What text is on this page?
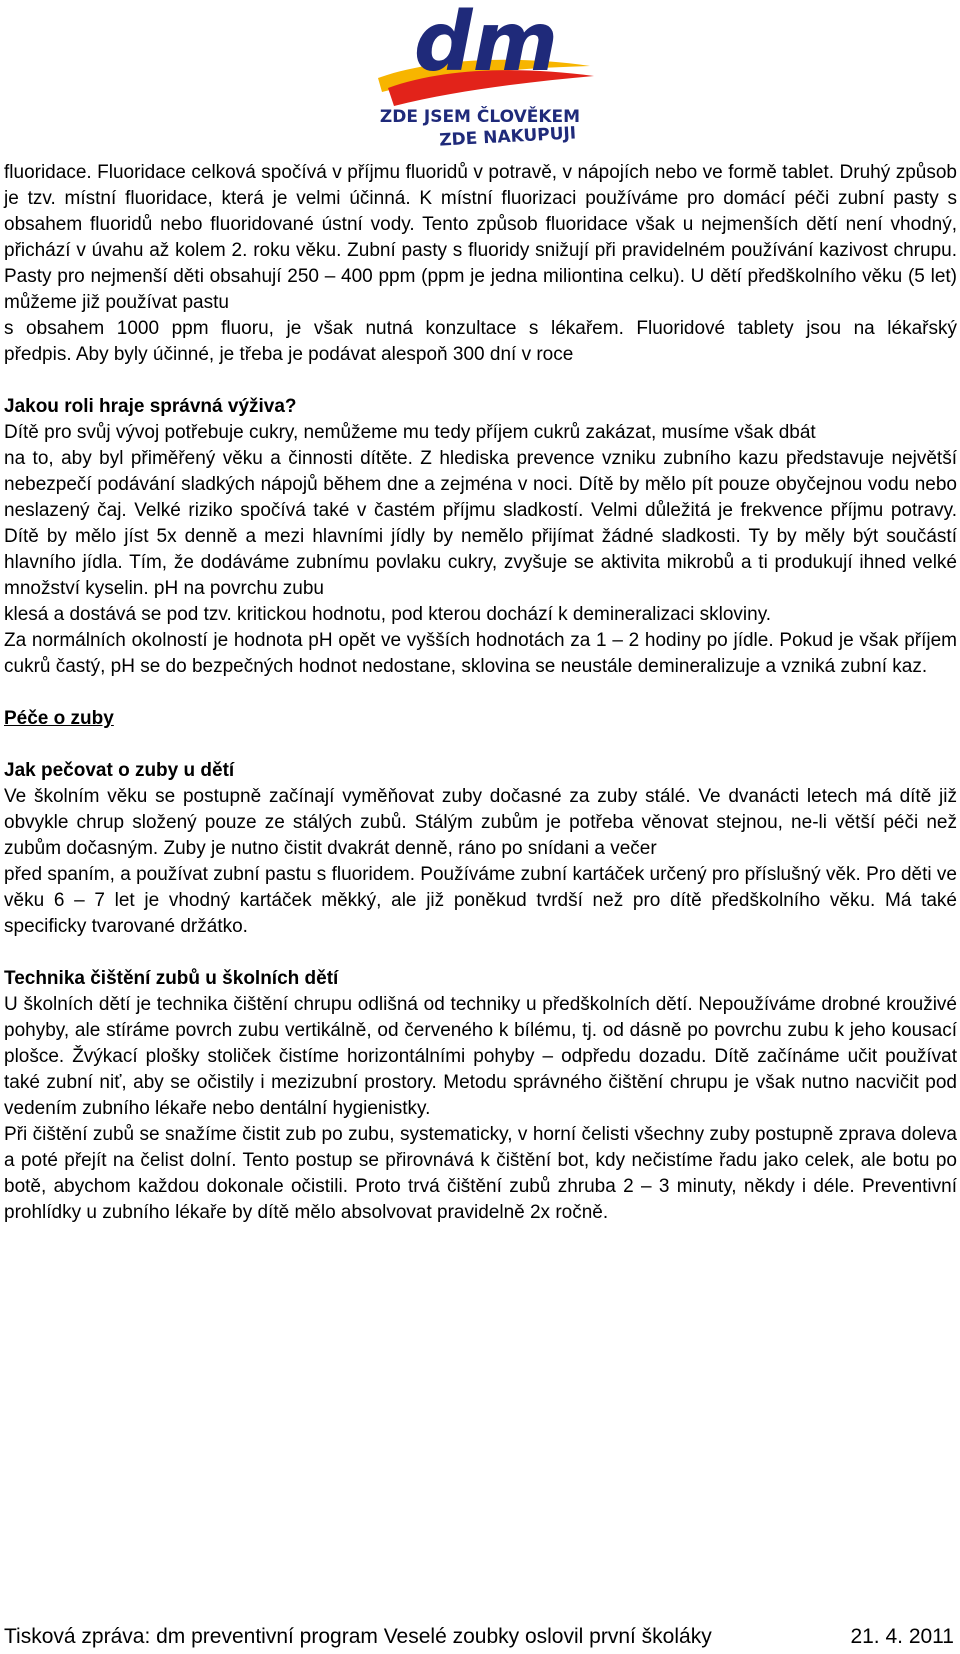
dm
ZDE JSEM ČLOVĚKEM
ZDE NAKUPUJI

fluoridace. Fluoridace celková spočívá v příjmu fluoridů v potravě, v nápojích nebo ve formě tablet. Druhý způsob je tzv. místní fluoridace, která je velmi účinná. K místní fluorizaci používáme pro domácí péči zubní pasty s obsahem fluoridů nebo fluoridované ústní vody. Tento způsob fluoridace však u nejmenších dětí není vhodný, přichází v úvahu až kolem 2. roku věku. Zubní pasty s fluoridy snižují při pravidelném používání kazivost chrupu. Pasty pro nejmenší děti obsahují 250 – 400 ppm (ppm je jedna miliontina celku). U dětí předškolního věku (5 let) můžeme již používat pastu

s obsahem 1000 ppm fluoru, je však nutná konzultace s lékařem. Fluoridové tablety jsou na lékařský

předpis. Aby byly účinné, je třeba je podávat alespoň 300 dní v roce

Jakou roli hraje správná výživa?

Dítě pro svůj vývoj potřebuje cukry, nemůžeme mu tedy příjem cukrů zakázat, musíme však dbát

na to, aby byl přiměřený věku a činnosti dítěte. Z hlediska prevence vzniku zubního kazu představuje největší nebezpečí podávání sladkých nápojů během dne a zejména v noci. Dítě by mělo pít pouze obyčejnou vodu nebo neslazený čaj. Velké riziko spočívá také v častém příjmu sladkostí. Velmi důležitá je frekvence příjmu potravy. Dítě by mělo jíst 5x denně a mezi hlavními jídly by nemělo přijímat žádné sladkosti. Ty by měly být součástí hlavního jídla. Tím, že dodáváme zubnímu povlaku cukry, zvyšuje se aktivita mikrobů a ti produkují ihned velké množství kyselin. pH na povrchu zubu

klesá a dostává se pod tzv. kritickou hodnotu, pod kterou dochází k demineralizaci skloviny.

Za normálních okolností je hodnota pH opět ve vyšších hodnotách za 1 – 2 hodiny po jídle. Pokud je však příjem cukrů častý, pH se do bezpečných hodnot nedostane, sklovina se neustále demineralizuje a vzniká zubní kaz.

Péče o zuby

Jak pečovat o zuby u dětí

Ve školním věku se postupně začínají vyměňovat zuby dočasné za zuby stálé. Ve dvanácti letech má dítě již obvykle chrup složený pouze ze stálých zubů. Stálým zubům je potřeba věnovat stejnou, ne-li větší péči než zubům dočasným. Zuby je nutno čistit dvakrát denně, ráno po snídani a večer

před spaním, a používat zubní pastu s fluoridem. Používáme zubní kartáček určený pro příslušný věk. Pro děti ve věku 6 – 7 let je vhodný kartáček měkký, ale již poněkud tvrdší než pro dítě předškolního věku. Má také specificky tvarované držátko.

Technika čištění zubů u školních dětí

U školních dětí je technika čištění chrupu odlišná od techniky u předškolních dětí. Nepoužíváme drobné krouživé pohyby, ale stíráme povrch zubu vertikálně, od červeného k bílému, tj. od dásně po povrchu zubu k jeho kousací plošce. Žvýkací plošky stoliček čistíme horizontálními pohyby – odpředu dozadu. Dítě začínáme učit používat také zubní niť, aby se očistily i mezizubní prostory. Metodu správného čištění chrupu je však nutno nacvičit pod vedením zubního lékaře nebo dentální hygienistky.

Při čištění zubů se snažíme čistit zub po zubu, systematicky, v horní čelisti všechny zuby postupně zprava doleva a poté přejít na čelist dolní. Tento postup se přirovnává k čištění bot, kdy nečistíme řadu jako celek, ale botu po botě, abychom každou dokonale očistili. Proto trvá čištění zubů zhruba 2 – 3 minuty, někdy i déle. Preventivní prohlídky u zubního lékaře by dítě mělo absolvovat pravidelně 2x ročně.

Tisková zpráva: dm preventivní program Veselé zoubky oslovil první školáky	21. 4. 2011
